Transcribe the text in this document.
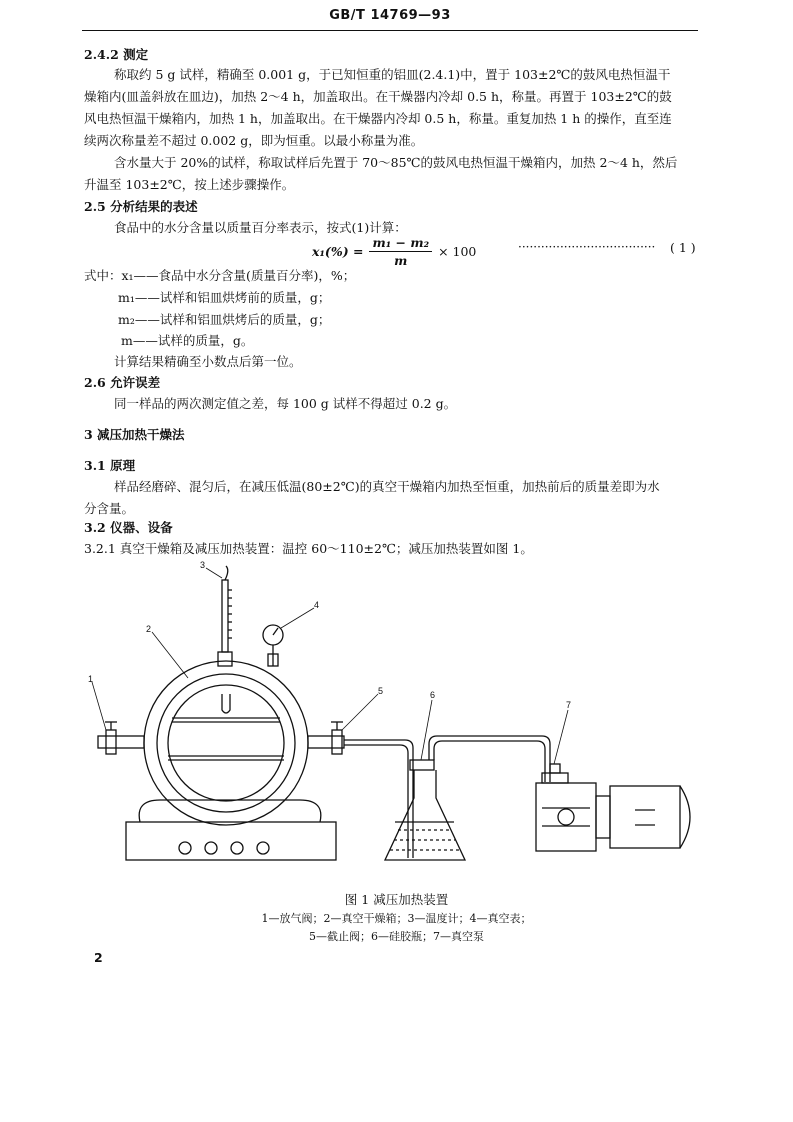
GB/T 14769—93
2.4.2 测定
称取约 5 g 试样，精确至 0.001 g，于已知恒重的铝皿(2.4.1)中，置于 103±2℃的鼓风电热恒温干
燥箱内(皿盖斜放在皿边)，加热 2～4 h，加盖取出。在干燥器内冷却 0.5 h，称量。再置于 103±2℃的鼓
风电热恒温干燥箱内，加热 1 h，加盖取出。在干燥器内冷却 0.5 h，称量。重复加热 1 h 的操作，直至连
续两次称量差不超过 0.002 g，即为恒重。以最小称量为准。
含水量大于 20%的试样，称取试样后先置于 70～85℃的鼓风电热恒温干燥箱内，加热 2～4 h，然后
升温至 103±2℃，按上述步骤操作。
2.5 分析结果的表述
食品中的水分含量以质量百分率表示，按式(1)计算：
$x_1(\%) = \frac{\text{m₁ − m₂}}{m} \times 100$	···································· ( 1 )
式中：x₁——食品中水分含量(质量百分率)，%；
m₁——试样和铝皿烘烤前的质量，g；
m₂——试样和铝皿烘烤后的质量，g；
m——试样的质量，g。
计算结果精确至小数点后第一位。
2.6 允许误差
同一样品的两次测定值之差，每 100 g 试样不得超过 0.2 g。
3 减压加热干燥法
3.1 原理
样品经磨碎、混匀后，在减压低温(80±2℃)的真空干燥箱内加热至恒重，加热前后的质量差即为水
分含量。
3.2 仪器、设备
3.2.1 真空干燥箱及减压加热装置：温控 60～110±2℃；减压加热装置如图 1。
1
2
3
4
5	6
7
图 1 减压加热装置
1—放气阀；2—真空干燥箱；3—温度计；4—真空表；
5—截止阀；6—硅胶瓶；7—真空泵
2
